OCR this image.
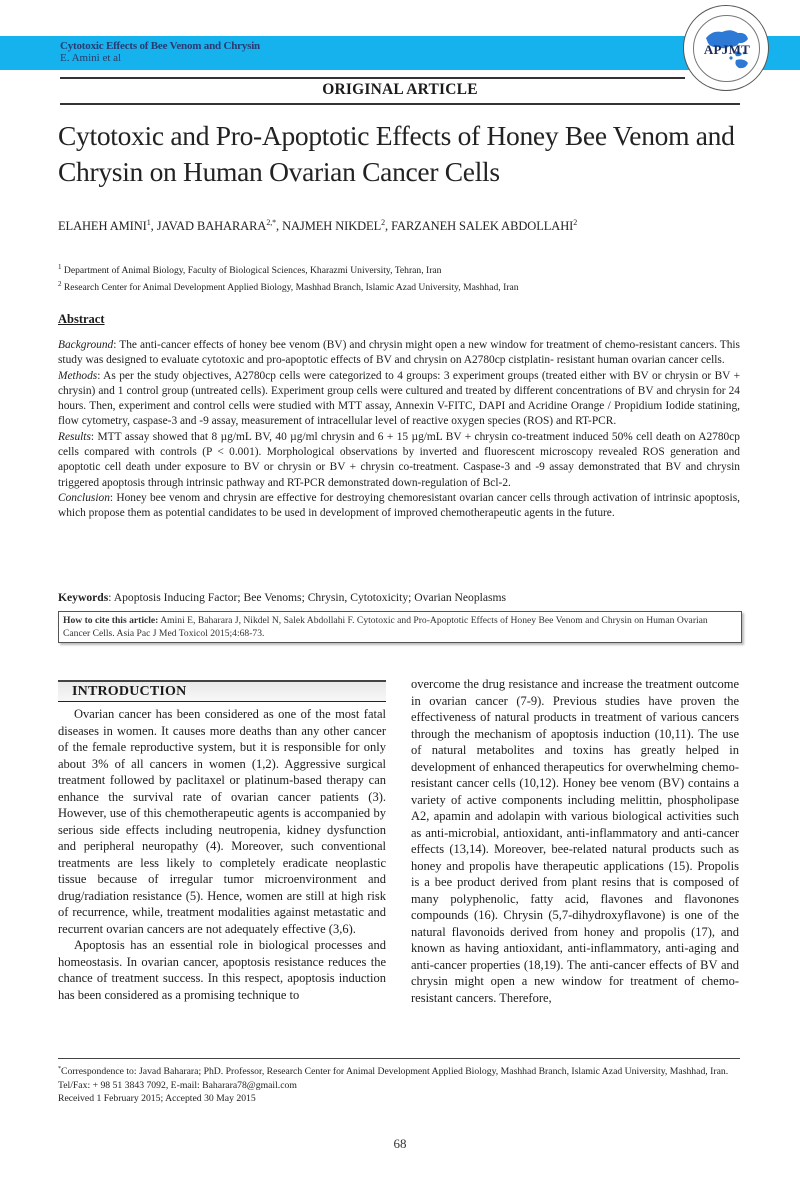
Cytotoxic Effects of Bee Venom and Chrysin
E. Amini et al
APJMT
ORIGINAL ARTICLE
Cytotoxic and Pro-Apoptotic Effects of Honey Bee Venom and
Chrysin on Human Ovarian Cancer Cells
ELAHEH AMINI$^1$, JAVAD $BAHARARA^{2,*}$, NAJMEH NIKDEL$^2$, FARZANEH SALEK ABDOLLAHI$^2$
$^1$ Department of Animal Biology, Faculty of Biological Sciences, Kharazmi University, Tehran, Iran
$^2$ Research Center for Animal Development Applied Biology, Mashhad Branch, Islamic Azad University, Mashhad, Iran
Abstract

Background: The anti-cancer effects of honey bee venom (BV) and chrysin might open a new window for treatment of chemo-resistant cancers. This study was designed to evaluate cytotoxic and pro-apoptotic effects of BV and chrysin on A2780cp cistplatin- resistant human ovarian cancer cells.

Methods: As per the study objectives, A2780cp cells were categorized to 4 groups: 3 experiment groups (treated either with BV or chrysin or BV + chrysin) and 1 control group (untreated cells). Experiment group cells were cultured and treated by different concentrations of BV and chrysin for 24 hours. Then, experiment and control cells were studied with MTT assay, Annexin V-FITC, DAPI and Acridine Orange / Propidium Iodide statining, flow cytometry, caspase-3 and -9 assay, measurement of intracellular level of reactive oxygen species (ROS) and RT-PCR.

Results: MTT assay showed that 8 µg/mL BV, 40 µg/ml chrysin and 6 + 15 µg/mL BV + chrysin co-treatment induced 50% cell death on A2780cp cells compared with controls (P < 0.001). Morphological observations by inverted and fluorescent microscopy revealed ROS generation and apoptotic cell death under exposure to BV or chrysin or BV + chrysin co-treatment. Caspase-3 and -9 assay demonstrated that BV and chrysin triggered apoptosis through intrinsic pathway and RT-PCR demonstrated down-regulation of Bcl-2.

Conclusion: Honey bee venom and chrysin are effective for destroying chemoresistant ovarian cancer cells through activation of intrinsic apoptosis, which propose them as potential candidates to be used in development of improved chemotherapeutic agents in the future.

Keywords: Apoptosis Inducing Factor; Bee Venoms; Chrysin, Cytotoxicity; Ovarian Neoplasms
How to cite this article: Amini E, Baharara J, Nikdel N, Salek Abdollahi F. Cytotoxic and Pro-Apoptotic Effects of Honey Bee Venom and Chrysin on Human Ovarian Cancer Cells. Asia Pac J Med Toxicol 2015;4:68-73.
INTRODUCTION

Ovarian cancer has been considered as one of the most fatal diseases in women. It causes more deaths than any other cancer of the female reproductive system, but it is responsible for only about 3% of all cancers in women (1,2). Aggressive surgical treatment followed by paclitaxel or platinum-based therapy can enhance the survival rate of ovarian cancer patients (3). However, use of this chemotherapeutic agents is accompanied by serious side effects including neutropenia, kidney dysfunction and peripheral neuropathy (4). Moreover, such conventional treatments are less likely to completely eradicate neoplastic tissue because of irregular tumor microenvironment and drug/radiation resistance (5). Hence, women are still at high risk of recurrence, while, treatment modalities against metastatic and recurrent ovarian cancers are not adequately effective (3,6).

Apoptosis has an essential role in biological processes and homeostasis. In ovarian cancer, apoptosis resistance reduces the chance of treatment success. In this respect, apoptosis induction has been considered as a promising technique to

overcome the drug resistance and increase the treatment outcome in ovarian cancer (7-9). Previous studies have proven the effectiveness of natural products in treatment of various cancers through the mechanism of apoptosis induction (10,11). The use of natural metabolites and toxins has greatly helped in development of enhanced therapeutics for overwhelming chemo-resistant cancer cells (10,12). Honey bee venom (BV) contains a variety of active components including melittin, phospholipase A2, apamin and adolapin with various biological activities such as anti-microbial, antioxidant, anti-inflammatory and anti-cancer effects (13,14). Moreover, bee-related natural products such as honey and propolis have therapeutic applications (15). Propolis is a bee product derived from plant resins that is composed of many polyphenolic, fatty acid, flavones and flavonones compounds (16). Chrysin (5,7-dihydroxyflavone) is one of the natural flavonoids derived from honey and propolis (17), and known as having antioxidant, anti-inflammatory, anti-aging and anti-cancer properties (18,19). The anti-cancer effects of BV and chrysin might open a new window for treatment of chemo-resistant cancers. Therefore,

*Correspondence to: Javad Baharara; PhD. Professor, Research Center for Animal Development Applied Biology, Mashhad Branch, Islamic Azad University, Mashhad, Iran.

Tel/Fax: + 98 51 3843 7092, E-mail: Baharara78@gmail.com

Received 1 February 2015; Accepted 30 May 2015

68
